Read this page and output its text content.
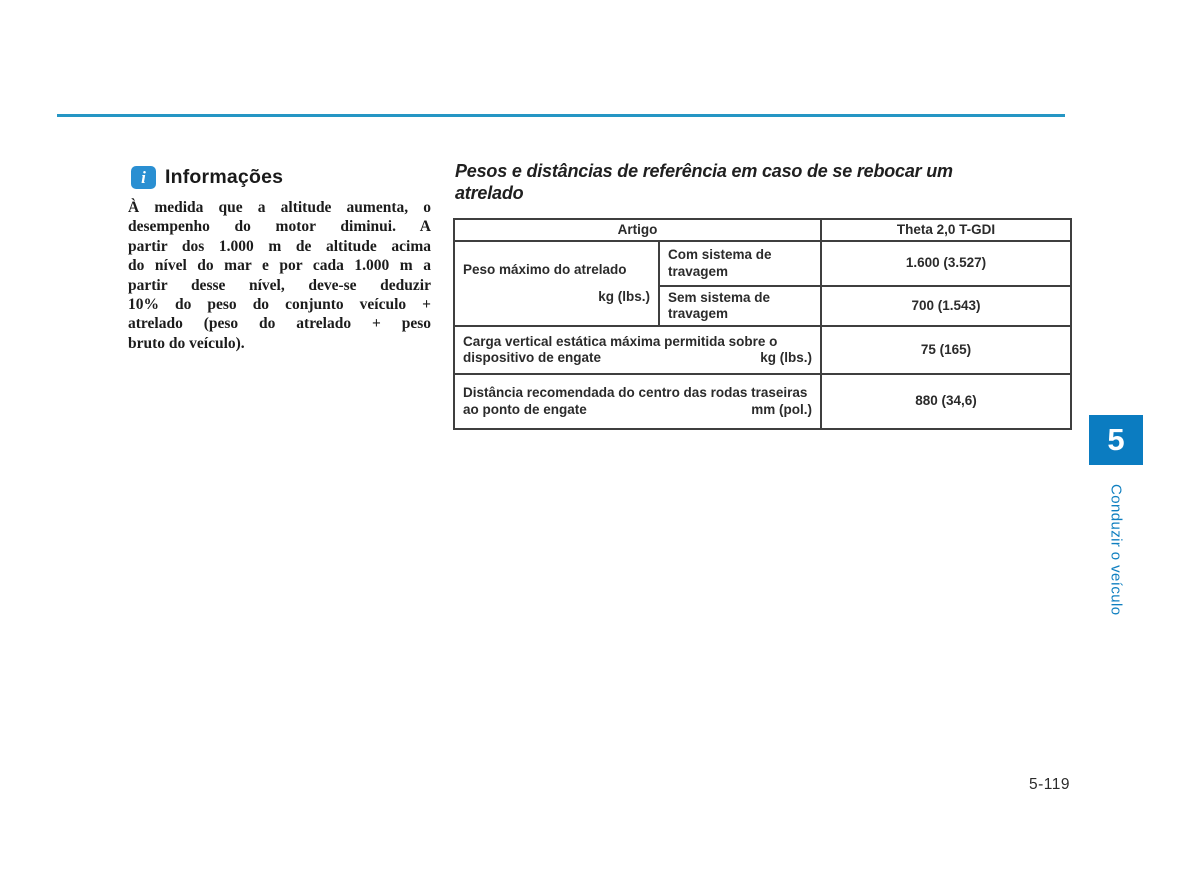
i Informações
À medida que a altitude aumenta, o
desempenho do motor diminui. A
partir dos 1.000 m de altitude acima
do nível do mar e por cada 1.000 m a
partir desse nível, deve-se deduzir
10% do peso do conjunto veículo +
atrelado (peso do atrelado + peso
bruto do veículo).
Pesos e distâncias de referência em caso de se rebocar um
atrelado
Artigo		Theta 2,0 T-GDI

Peso máximo do atrelado
kg (lbs.)	Com sistema de travagem	1.600 (3.527)
	Sem sistema de travagem	700 (1.543)

Carga vertical estática máxima permitida sobre o
dispositivo de engate kg (lbs.)		75 (165)

Distância recomendada do centro das rodas traseiras
ao ponto de engate mm (pol.)		880 (34,6)
5
Conduzir o veículo
5-119
